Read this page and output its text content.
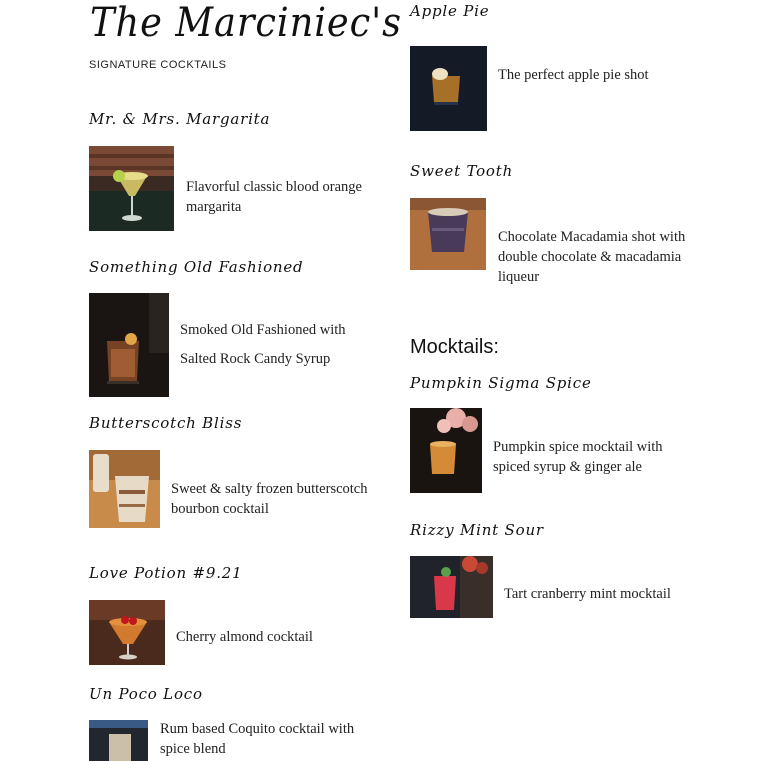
The Marciniec's
SIGNATURE COCKTAILS
Mr. & Mrs. Margarita
Flavorful classic blood orange margarita
Something Old Fashioned
Smoked Old Fashioned with
Salted Rock Candy Syrup
Butterscotch Bliss
Sweet & salty frozen butterscotch bourbon cocktail
Love Potion #9.21
Cherry almond cocktail
Un Poco Loco
Rum based Coquito cocktail with spice blend
Apple Pie
The perfect apple pie shot
Sweet Tooth
Chocolate Macadamia shot with double chocolate & macadamia liqueur
Mocktails:
Pumpkin Sigma Spice
Pumpkin spice mocktail with spiced syrup & ginger ale
Rizzy Mint Sour
Tart cranberry mint mocktail
